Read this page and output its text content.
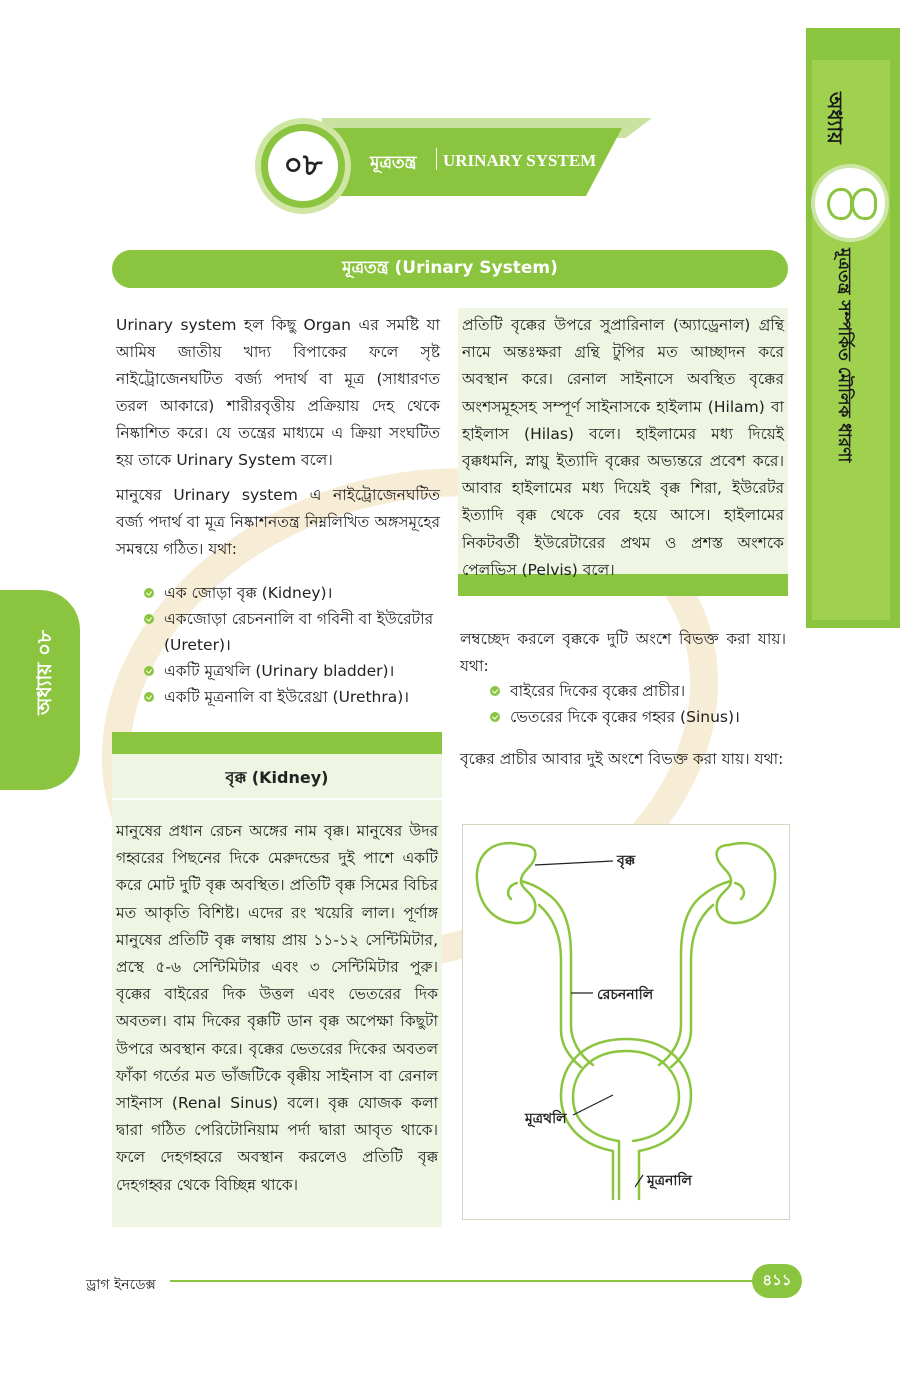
অধ্যায়
মূত্রতন্ত্র সম্পর্কিত মৌলিক ধারণা
অধ্যায় ০৮
০৮	মূত্রতন্ত্র URINARY SYSTEM
মূত্রতন্ত্র (Urinary System)
Urinary system হল কিছু Organ এর সমষ্টি যা আমিষ জাতীয় খাদ্য বিপাকের ফলে সৃষ্ট নাইট্রোজেনঘটিত বর্জ্য পদার্থ বা মূত্র (সাধারণত তরল আকারে) শারীরবৃত্তীয় প্রক্রিয়ায় দেহ থেকে নিষ্কাশিত করে। যে তন্ত্রের মাধ্যমে এ ক্রিয়া সংঘটিত হয় তাকে Urinary System বলে।
মানুষের Urinary system এ নাইট্রোজেনঘটিত বর্জ্য পদার্থ বা মূত্র নিষ্কাশনতন্ত্র নিম্নলিখিত অঙ্গসমূহের সমন্বয়ে গঠিত। যথা:
এক জোড়া বৃক্ক (Kidney)।
একজোড়া রেচননালি বা গবিনী বা ইউরেটার (Ureter)।
একটি মূত্রথলি (Urinary bladder)।
একটি মূত্রনালি বা ইউরেথ্রা (Urethra)।
বৃক্ক (Kidney)
মানুষের প্রধান রেচন অঙ্গের নাম বৃক্ক। মানুষের উদর গহ্বরের পিছনের দিকে মেরুদন্ডের দুই পাশে একটি করে মোট দুটি বৃক্ক অবস্থিত। প্রতিটি বৃক্ক সিমের বিচির মত আকৃতি বিশিষ্ট। এদের রং খয়েরি লাল। পূর্ণাঙ্গ মানুষের প্রতিটি বৃক্ক লম্বায় প্রায় ১১-১২ সেন্টিমিটার, প্রস্থে ৫-৬ সেন্টিমিটার এবং ৩ সেন্টিমিটার পুরু। বৃক্কের বাইরের দিক উত্তল এবং ভেতরের দিক অবতল। বাম দিকের বৃক্কটি ডান বৃক্ক অপেক্ষা কিছুটা উপরে অবস্থান করে। বৃক্কের ভেতরের দিকের অবতল ফাঁকা গর্তের মত ভাঁজটিকে বৃক্কীয় সাইনাস বা রেনাল সাইনাস (Renal Sinus) বলে। বৃক্ক যোজক কলা দ্বারা গঠিত পেরিটোনিয়াম পর্দা দ্বারা আবৃত থাকে। ফলে দেহগহ্বরে অবস্থান করলেও প্রতিটি বৃক্ক দেহগহ্বর থেকে বিচ্ছিন্ন থাকে।
প্রতিটি বৃক্কের উপরে সুপ্রারিনাল (অ্যাড্রেনাল) গ্রন্থি নামে অন্তঃক্ষরা গ্রন্থি টুপির মত আচ্ছাদন করে অবস্থান করে। রেনাল সাইনাসে অবস্থিত বৃক্কের অংশসমূহসহ সম্পূর্ণ সাইনাসকে হাইলাম (Hilam) বা হাইলাস (Hilas) বলে। হাইলামের মধ্য দিয়েই বৃক্কধমনি, স্নায়ু ইত্যাদি বৃক্কের অভ্যন্তরে প্রবেশ করে। আবার হাইলামের মধ্য দিয়েই বৃক্ক শিরা, ইউরেটর ইত্যাদি বৃক্ক থেকে বের হয়ে আসে। হাইলামের নিকটবর্তী ইউরেটারের প্রথম ও প্রশস্ত অংশকে পেলভিস (Pelvis) বলে।
লম্বচ্ছেদ করলে বৃক্ককে দুটি অংশে বিভক্ত করা যায়। যথা:
বাইরের দিকের বৃক্কের প্রাচীর।
ভেতরের দিকে বৃক্কের গহ্বর (Sinus)।
বৃক্কের প্রাচীর আবার দুই অংশে বিভক্ত করা যায়। যথা:
বৃক্ক
রেচননালি
মূত্রথলি
মূত্রনালি
ড্রাগ ইনডেক্স	৪১১
